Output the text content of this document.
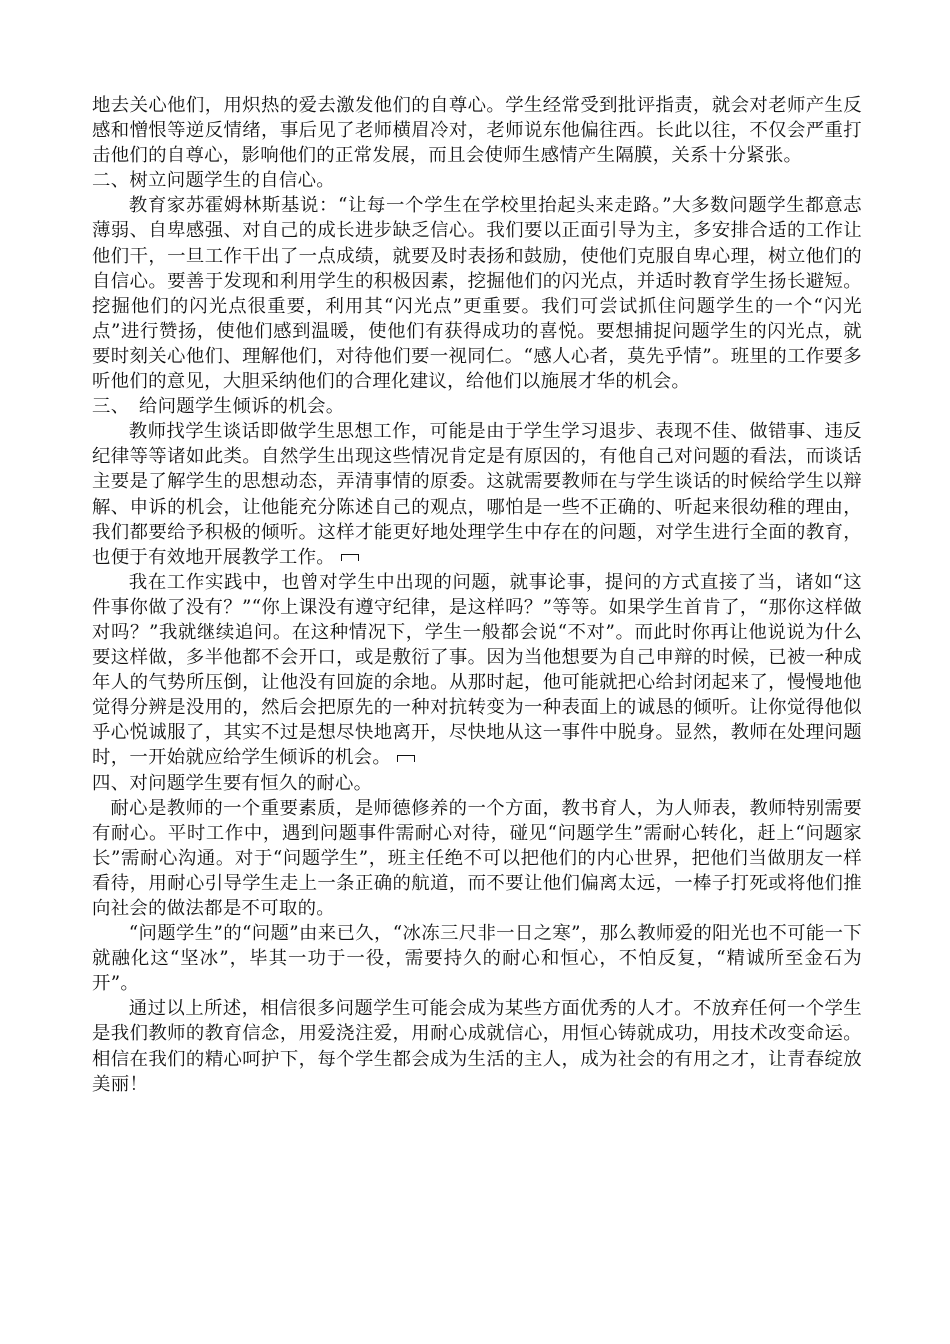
地去关心他们，用炽热的爱去激发他们的自尊心。学生经常受到批评指责，就会对老师产生反感和憎恨等逆反情绪，事后见了老师横眉冷对，老师说东他偏往西。长此以往，不仅会严重打击他们的自尊心，影响他们的正常发展，而且会使师生感情产生隔膜，关系十分紧张。

二、树立问题学生的自信心。

教育家苏霍姆林斯基说：“让每一个学生在学校里抬起头来走路。”大多数问题学生都意志薄弱、自卑感强、对自己的成长进步缺乏信心。我们要以正面引导为主，多安排合适的工作让他们干，一旦工作干出了一点成绩，就要及时表扬和鼓励，使他们克服自卑心理，树立他们的自信心。要善于发现和利用学生的积极因素，挖掘他们的闪光点，并适时教育学生扬长避短。挖掘他们的闪光点很重要，利用其“闪光点”更重要。我们可尝试抓住问题学生的一个“闪光点”进行赞扬，使他们感到温暖，使他们有获得成功的喜悦。要想捕捉问题学生的闪光点，就要时刻关心他们、理解他们，对待他们要一视同仁。“感人心者，莫先乎情”。班里的工作要多听他们的意见，大胆采纳他们的合理化建议，给他们以施展才华的机会。

三、　给问题学生倾诉的机会。

教师找学生谈话即做学生思想工作，可能是由于学生学习退步、表现不佳、做错事、违反纪律等等诸如此类。自然学生出现这些情况肯定是有原因的，有他自己对问题的看法，而谈话主要是了解学生的思想动态，弄清事情的原委。这就需要教师在与学生谈话的时候给学生以辩解、申诉的机会，让他能充分陈述自己的观点，哪怕是一些不正确的、听起来很幼稚的理由，我们都要给予积极的倾听。这样才能更好地处理学生中存在的问题，对学生进行全面的教育，也便于有效地开展教学工作。

我在工作实践中，也曾对学生中出现的问题，就事论事，提问的方式直接了当，诸如“这件事你做了没有？”“你上课没有遵守纪律，是这样吗？”等等。如果学生首肯了，“那你这样做对吗？”我就继续追问。在这种情况下，学生一般都会说“不对”。而此时你再让他说说为什么要这样做，多半他都不会开口，或是敷衍了事。因为当他想要为自己申辩的时候，已被一种成年人的气势所压倒，让他没有回旋的余地。从那时起，他可能就把心给封闭起来了，慢慢地他觉得分辨是没用的，然后会把原先的一种对抗转变为一种表面上的诚恳的倾听。让你觉得他似乎心悦诚服了，其实不过是想尽快地离开，尽快地从这一事件中脱身。显然，教师在处理问题时，一开始就应给学生倾诉的机会。

四、对问题学生要有恒久的耐心。

耐心是教师的一个重要素质，是师德修养的一个方面，教书育人，为人师表，教师特别需要有耐心。平时工作中，遇到问题事件需耐心对待，碰见“问题学生”需耐心转化，赶上“问题家长”需耐心沟通。对于“问题学生”，班主任绝不可以把他们的内心世界，把他们当做朋友一样看待，用耐心引导学生走上一条正确的航道，而不要让他们偏离太远，一棒子打死或将他们推向社会的做法都是不可取的。

“问题学生”的“问题”由来已久，“冰冻三尺非一日之寒”，那么教师爱的阳光也不可能一下就融化这“坚冰”，毕其一功于一役，需要持久的耐心和恒心，不怕反复，“精诚所至金石为开”。

通过以上所述，相信很多问题学生可能会成为某些方面优秀的人才。不放弃任何一个学生是我们教师的教育信念，用爱浇注爱，用耐心成就信心，用恒心铸就成功，用技术改变命运。相信在我们的精心呵护下，每个学生都会成为生活的主人，成为社会的有用之才，让青春绽放美丽！
